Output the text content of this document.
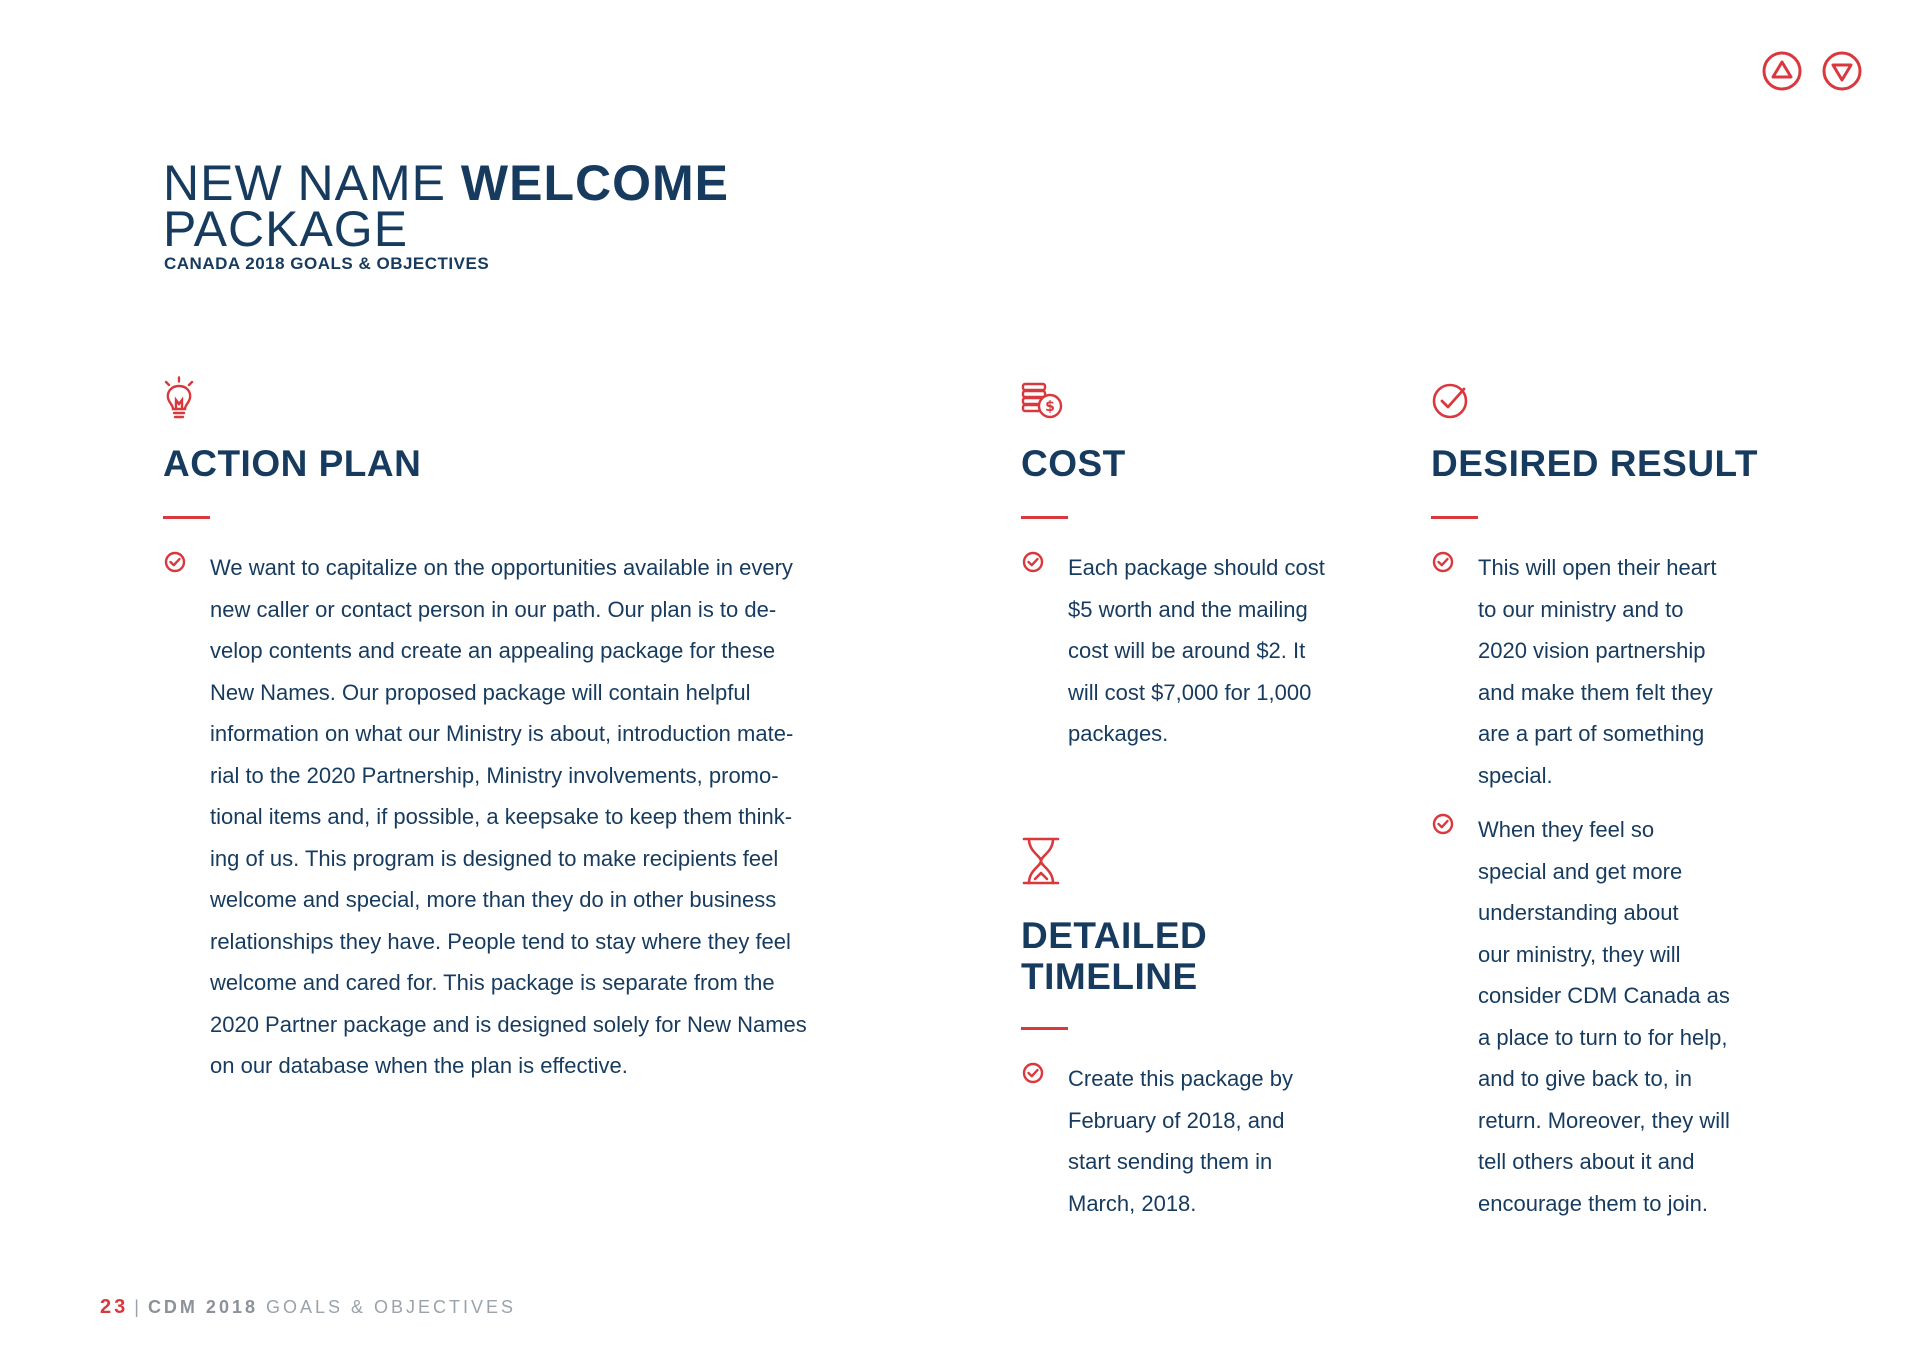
NEW NAME WELCOME
PACKAGE
CANADA 2018 GOALS & OBJECTIVES
ACTION PLAN

We want to capitalize on the opportunities available in every
new caller or contact person in our path. Our plan is to de-
velop contents and create an appealing package for these
New Names. Our proposed package will contain helpful
information on what our Ministry is about, introduction mate-
rial to the 2020 Partnership, Ministry involvements, promo-
tional items and, if possible, a keepsake to keep them think-
ing of us. This program is designed to make recipients feel
welcome and special, more than they do in other business
relationships they have. People tend to stay where they feel
welcome and cared for. This package is separate from the
2020 Partner package and is designed solely for New Names
on our database when the plan is effective.

$
COST

Each package should cost
$5 worth and the mailing
cost will be around $2. It
will cost $7,000 for 1,000
packages.

DETAILED
TIMELINE

Create this package by
February of 2018, and
start sending them in
March, 2018.

DESIRED RESULT

This will open their heart
to our ministry and to
2020 vision partnership
and make them felt they
are a part of something
special.

When they feel so
special and get more
understanding about
our ministry, they will
consider CDM Canada as
a place to turn to for help,
and to give back to, in
return. Moreover, they will
tell others about it and
encourage them to join.

23 | CDM 2018 GOALS & OBJECTIVES
